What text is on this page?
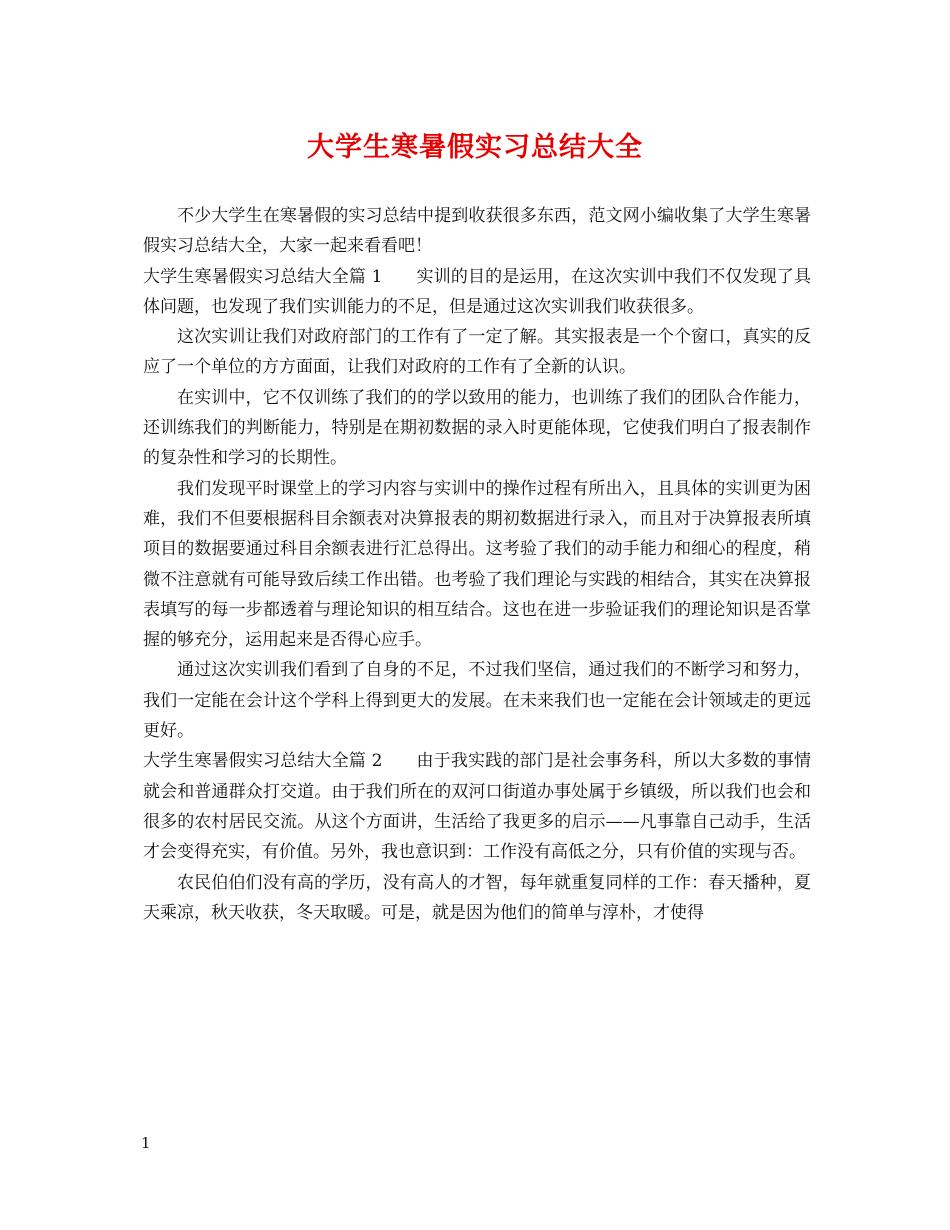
大学生寒暑假实习总结大全

不少大学生在寒暑假的实习总结中提到收获很多东西，范文网小编收集了大学生寒暑假实习总结大全，大家一起来看看吧！

大学生寒暑假实习总结大全篇 1 实训的目的是运用，在这次实训中我们不仅发现了具体问题，也发现了我们实训能力的不足，但是通过这次实训我们收获很多。

这次实训让我们对政府部门的工作有了一定了解。其实报表是一个个窗口，真实的反应了一个单位的方方面面，让我们对政府的工作有了全新的认识。

在实训中，它不仅训练了我们的的学以致用的能力，也训练了我们的团队合作能力，还训练我们的判断能力，特别是在期初数据的录入时更能体现，它使我们明白了报表制作的复杂性和学习的长期性。

我们发现平时课堂上的学习内容与实训中的操作过程有所出入，且具体的实训更为困难，我们不但要根据科目余额表对决算报表的期初数据进行录入，而且对于决算报表所填项目的数据要通过科目余额表进行汇总得出。这考验了我们的动手能力和细心的程度，稍微不注意就有可能导致后续工作出错。也考验了我们理论与实践的相结合，其实在决算报表填写的每一步都透着与理论知识的相互结合。这也在进一步验证我们的理论知识是否掌握的够充分，运用起来是否得心应手。

通过这次实训我们看到了自身的不足，不过我们坚信，通过我们的不断学习和努力，我们一定能在会计这个学科上得到更大的发展。在未来我们也一定能在会计领域走的更远更好。

大学生寒暑假实习总结大全篇 2 由于我实践的部门是社会事务科，所以大多数的事情就会和普通群众打交道。由于我们所在的双河口街道办事处属于乡镇级，所以我们也会和很多的农村居民交流。从这个方面讲，生活给了我更多的启示——凡事靠自己动手，生活才会变得充实，有价值。另外，我也意识到：工作没有高低之分，只有价值的实现与否。

农民伯伯们没有高的学历，没有高人的才智，每年就重复同样的工作：春天播种，夏天乘凉，秋天收获，冬天取暖。可是，就是因为他们的简单与淳朴，才使得

1
